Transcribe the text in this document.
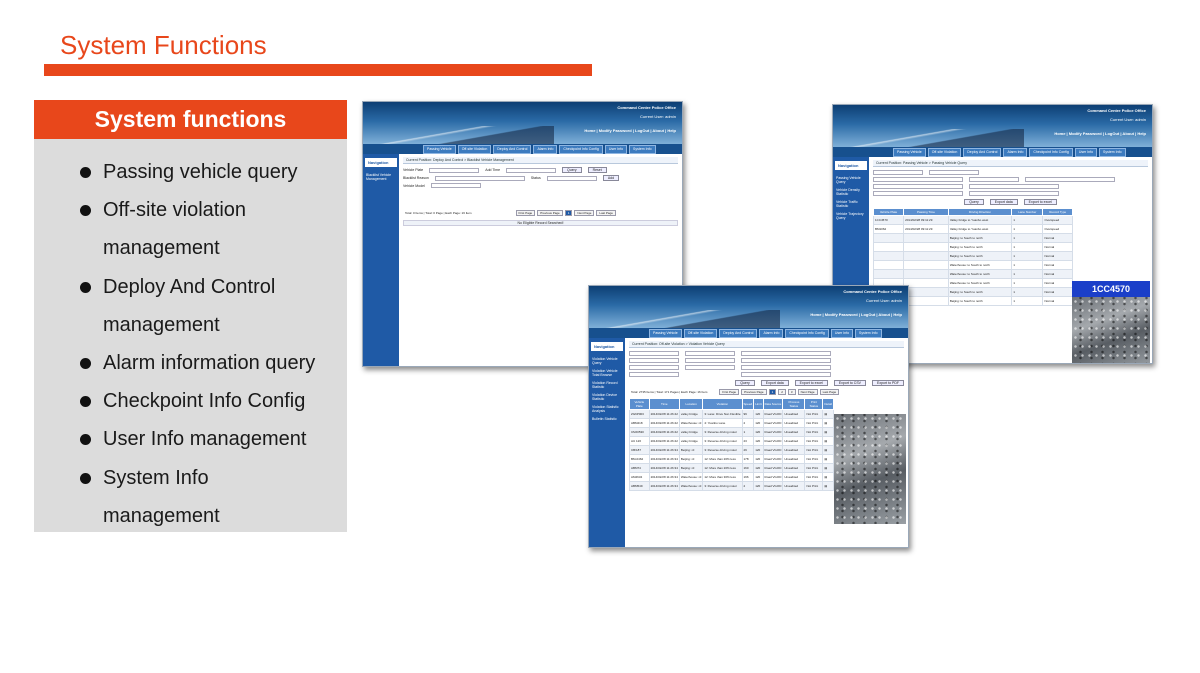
System Functions
System functions
Passing vehicle query
Off-site violation management
Deploy And Control management
Alarm information query
Checkpoint Info Config
User Info management
System Info management
Command Centre Police Office
Current User: admin
Home | Modify Password | LogOut | About | Help
Passing Vehicle	Off-site Violation	Deploy And Control	Alarm Info	Checkpoint Info Config	User Info	System Info
Navigation
Blacklist Vehicle Management
Current Position: Deploy And Control > Blacklist Vehicle Management
Vehicle Plate	Add Time	Query	Reset
Blacklist Reason	Status	Add
Vehicle Model
Total: 0 Items | Total: 0 Page | Each Page: 16 Item	First Page	Previous Page	1	Next Page	Last Page
No Eligible Record Searched!
Command Centre Police Office
Current User: admin
Home | Modify Password | LogOut | About | Help
Passing Vehicle	Off-site Violation	Deploy And Control	Alarm Info	Checkpoint Info Config	User Info	System Info
Navigation
Passing Vehicle Query
Vehicle Density Statistic
Vehicle Traffic Statistic
Vehicle Trajectory Query
Current Position: Passing Vehicle > Passing Vehicle Query
Query	Export data	Export to excel
Vehicle Plate	Passing Time	Driving Direction	Lane Number	Record Type
1CC4570	2014/02/28 09:11:29	Valley bridge to Yuanbo west	1	Overspeed
BM1062	2014/02/28 09:11:29	Valley bridge to Yuanbo west	1	Overspeed
		Beijing: to South to north	1	Normal
		Beijing: to South to north	1	Normal
		Beijing: to South to north	1	Normal
		Waterhouse: to South to north	1	Normal
		Waterhouse: to South to north	1	Normal
		Waterhouse: to South to north	1	Normal
		Beijing: to South to north	1	Normal
		Beijing: to South to north	1	Normal
1CC4570
Command Centre Police Office
Current User: admin
Home | Modify Password | LogOut | About | Help
Passing Vehicle	Off-site Violation	Deploy And Control	Alarm Info	Checkpoint Info Config	User Info	System Info
Navigation
Violation Vehicle Query
Violation Vehicle Total Browse
Violation Record Statistic
Violation Device Statistic
Violation Statistic Analysis
Bulletin Statistic
Current Position: Off-site Violation > Violation Vehicle Query
Query	Export data	Export to excel	Export to CSV	Export to PDF
Total: 2735 Items | Total: 171 Pages | Each Page: 16 Item	First Page	Previous Page	1	2	3	Next Page	Last Page
Vehicle Plate	Time	Location	Violation	Speed	Limit	Data Source	Process Status	Print Status	Detail
ZG6P003	2014/02/28 11:26:42	valley bridge	3: Lane: Drive Non Flexible	99	120	Road VGOD	Unaudited	Not Print	▤
ABM418	2014/02/28 11:26:42	Waterhouse: rd	4: Yuanbo Lane	2	120	Road VGOD	Unaudited	Not Print	▤
CMJ0530	2014/02/28 11:26:42	valley bridge	3: Reverse driving motor	1	120	Road VGOD	Unaudited	Not Print	▤
AU 126	2014/02/28 11:26:42	valley bridge	3: Reverse driving motor	23	120	Road VGOD	Unaudited	Not Print	▤
CB/187	2014/02/28 11:26:34	Beijing: rd	3: Reverse driving motor	29	120	Road VGOD	Unaudited	Not Print	▤
BM-0462	2014/02/28 11:26:34	Beijing: rd	12: More than 20% less	178	120	Road VGOD	Unaudited	Not Print	▤
ABM74	2014/02/28 11:26:34	Beijing: rd	12: More than 20% less	160	120	Road VGOD	Unaudited	Not Print	▤
AM4634	2014/02/28 11:26:34	Waterhouse: rd	12: More than 30% less	196	120	Road VGOD	Unaudited	Not Print	▤
ABM549	2014/02/28 11:26:34	Waterhouse: rd	3: Reverse driving motor	2	120	Road VGOD	Unaudited	Not Print	▤
